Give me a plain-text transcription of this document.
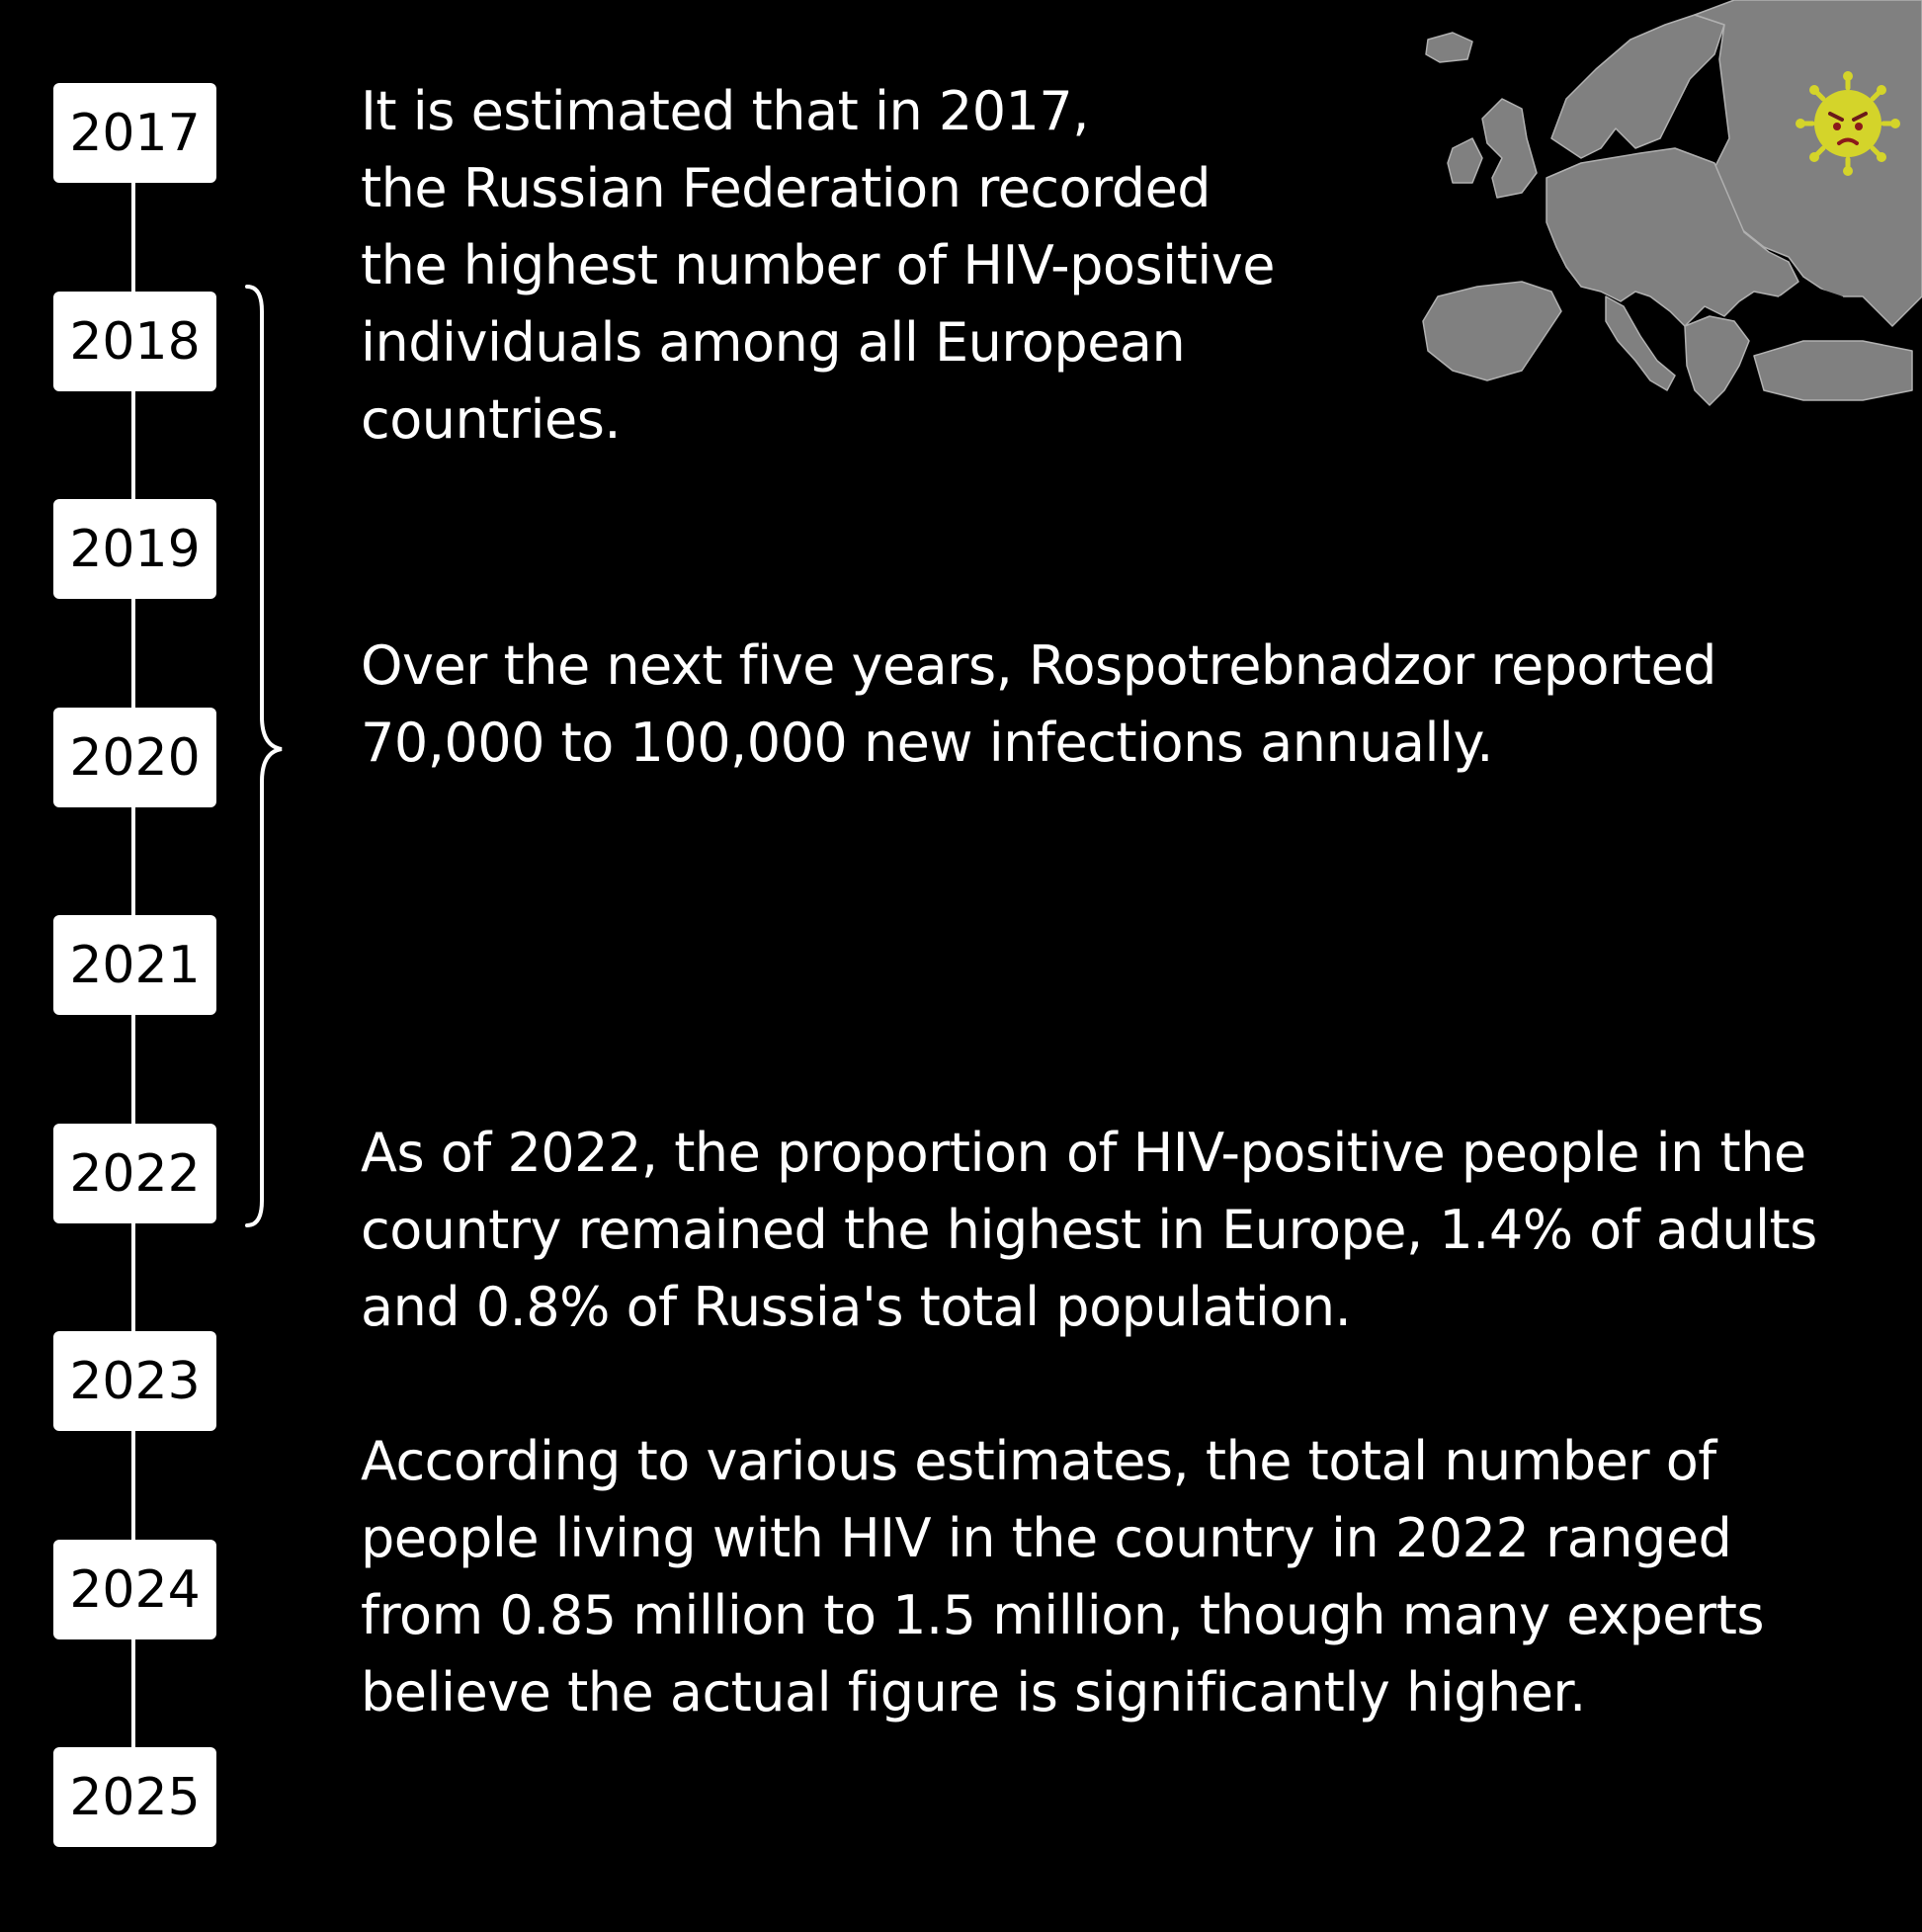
2017
2018
2019
2020
2021
2022
2023
2024
2025
It is estimated that in 2017,
the Russian Federation recorded
the highest number of HIV-positive
individuals among all European
countries.
Over the next five years, Rospotrebnadzor reported
70,000 to 100,000 new infections annually.
As of 2022, the proportion of HIV-positive people in the
country remained the highest in Europe, 1.4% of adults
and 0.8% of Russia's total population.
According to various estimates, the total number of
people living with HIV in the country in 2022 ranged
from 0.85 million to 1.5 million, though many experts
believe the actual figure is significantly higher.
